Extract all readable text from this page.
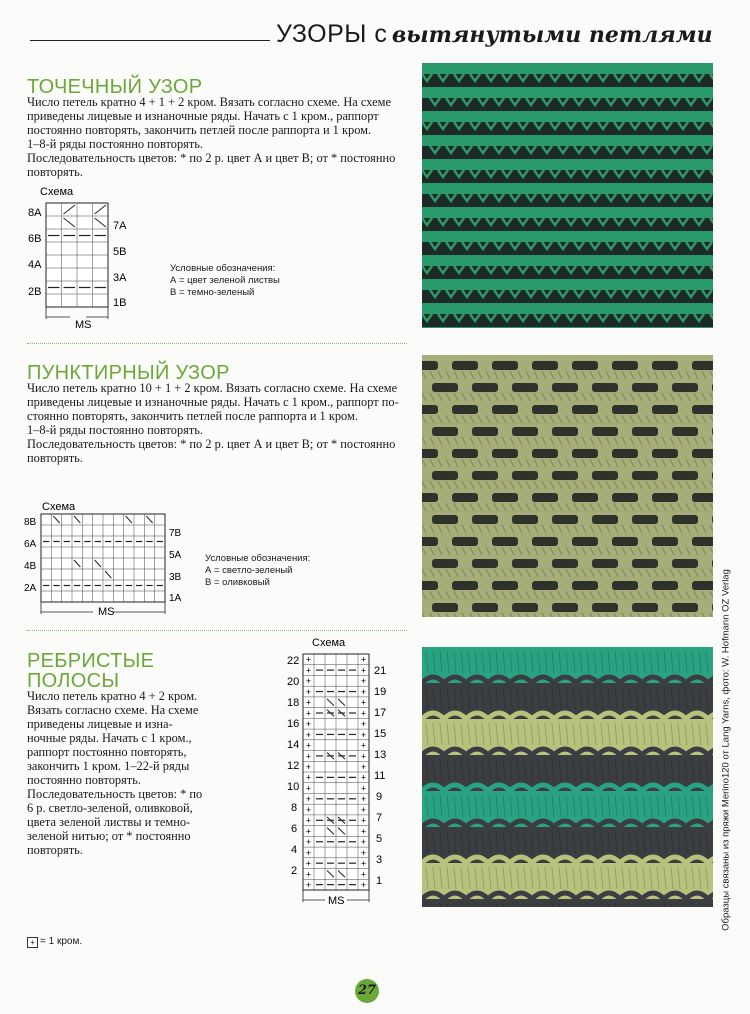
УЗОРЫ с вытянутыми петлями
ТОЧЕЧНЫЙ УЗОР

Число петель кратно 4 + 1 + 2 кром. Вязать согласно схеме. На схеме

приведены лицевые и изнаночные ряды. Начать с 1 кром., раппорт

постоянно повторять, закончить петлей после раппорта и 1 кром.

1–8-й ряды постоянно повторять.

Последовательность цветов: * по 2 р. цвет А и цвет В; от * постоянно

повторять.

Условные обозначения:

А = цвет зеленой листвы

В = темно-зеленый

ПУНКТИРНЫЙ УЗОР

Число петель кратно 10 + 1 + 2 кром. Вязать согласно схеме. На схеме

приведены лицевые и изнаночные ряды. Начать с 1 кром., раппорт по-

стоянно повторять, закончить петлей после раппорта и 1 кром.

1–8-й ряды постоянно повторять.

Последовательность цветов: * по 2 р. цвет А и цвет В; от * постоянно

повторять.

Условные обозначения:

А = светло-зеленый

В = оливковый

РЕБРИСТЫЕ
ПОЛОСЫ

Число петель кратно 4 + 2 кром.

Вязать согласно схеме. На схеме

приведены лицевые и изна-

ночные ряды. Начать с 1 кром.,

раппорт постоянно повторять,

закончить 1 кром. 1–22-й ряды

постоянно повторять.

Последовательность цветов: * по

6 р. светло-зеленой, оливковой,

цвета зеленой листвы и темно-

зеленой нитью; от * постоянно

повторять.

Схема
8A
6B
4A
2B
7A
5B
3A
1B
MS
Схема
8B
6A
4B
2A
7B
5A
3B
1A
MS
Схема
22
20
18
16
14
12
10
8
6
4
2
21
19
17
15
13
11
9
7
5
3
1
MS
+	+
+	+
+	+
+	+
+	+
+	+
+	+
+	+
+	+
+	+
+	+
+	+
+	+
+	+
+	+
+	+
+	+
+	+
+	+
+	+
+	+
+	+	Образцы связаны из пряжи Merino120 от Lang Yarns, фото: W. Hofmann OZ Verlag
+ = 1 кром.
27
